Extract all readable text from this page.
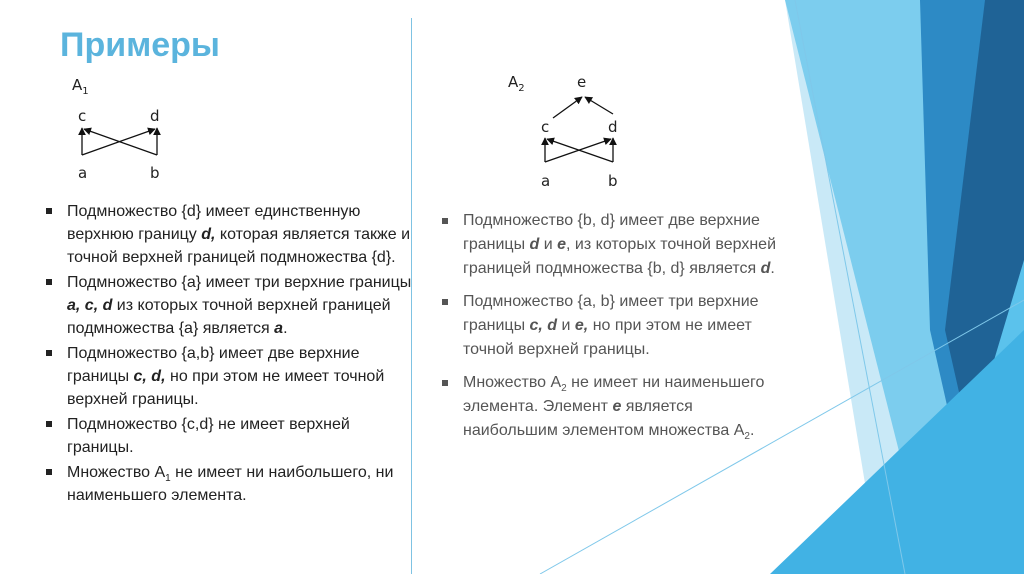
Примеры
$A_1$
c	d
a	b
$A_2$	e
c	d
a	b
Подмножество {d} имеет единственную верхнюю границу d, которая является также и точной верхней границей подмножества {d}.
Подмножество {a} имеет три верхние границы a, c, d из которых точной верхней границей подмножества {a} является a.
Подмножество {a,b} имеет две верхние границы c, d, но при этом не имеет точной верхней границы.
Подмножество {c,d} не имеет верхней границы.
Множество $A_1$ не имеет ни наибольшего, ни наименьшего элемента.
Подмножество {b, d} имеет две верхние границы d и e, из которых точной верхней границей подмножества {b, d} является d.
Подмножество {a, b} имеет три верхние границы c, d и e, но при этом не имеет точной верхней границы.
Множество $A_2$ не имеет ни наименьшего элемента. Элемент e является наибольшим элементом множества $A_2$.
